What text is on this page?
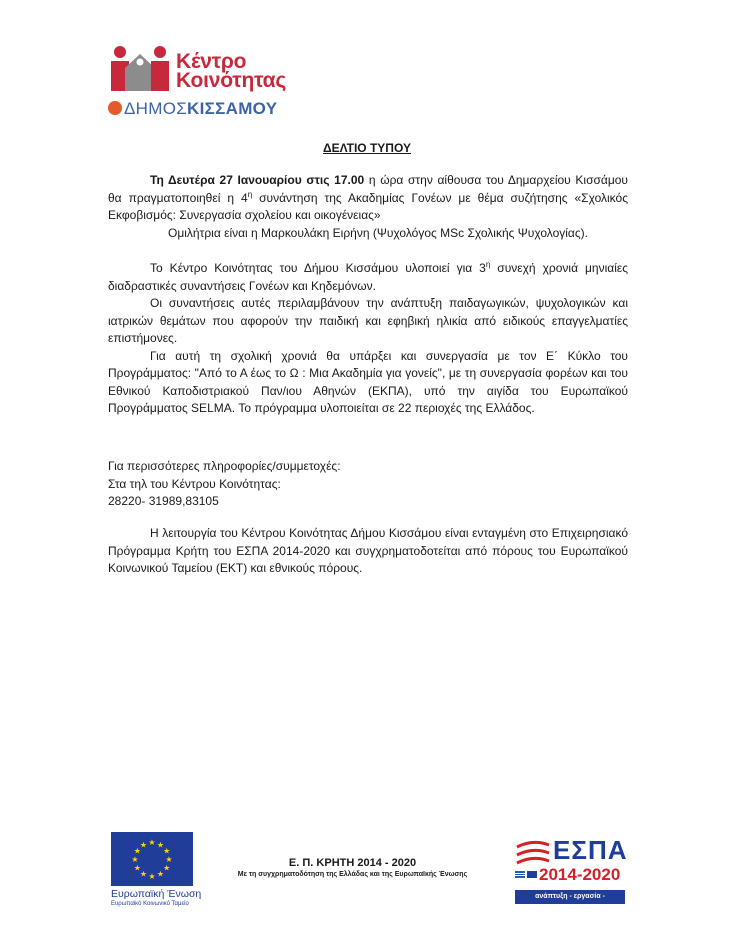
Κέντρο
Κοινότητας
ΔΗΜΟΣΚΙΣΣΑΜΟΥ
ΔΕΛΤΙΟ ΤΥΠΟΥ

Τη Δευτέρα 27 Ιανουαρίου στις 17.00 η ώρα στην αίθουσα του Δημαρχείου Κισσάμου θα πραγματοποιηθεί η $4^\eta$ συνάντηση της Ακαδημίας Γονέων με θέμα συζήτησης «Σχολικός Εκφοβισμός: Συνεργασία σχολείου και οικογένειας»

Ομιλήτρια είναι η Μαρκουλάκη Ειρήνη (Ψυχολόγος MSc Σχολικής Ψυχολογίας).

Το Κέντρο Κοινότητας του Δήμου Κισσάμου υλοποιεί για $3^\eta$ συνεχή χρονιά μηνιαίες διαδραστικές συναντήσεις Γονέων και Κηδεμόνων.

Οι συναντήσεις αυτές περιλαμβάνουν την ανάπτυξη παιδαγωγικών, ψυχολογικών και ιατρικών θεμάτων που αφορούν την παιδική και εφηβική ηλικία από ειδικούς επαγγελματίες επιστήμονες.

Για αυτή τη σχολική χρονιά θα υπάρξει και συνεργασία με τον Ε΄ Κύκλο του Προγράμματος: "Από το Α έως το Ω : Μια Ακαδημία για γονείς", με τη συνεργασία φορέων και του Εθνικού Καποδιστριακού Παν/ιου Αθηνών (ΕΚΠΑ), υπό την αιγίδα του Ευρωπαϊκού Προγράμματος SELMA. Το πρόγραμμα υλοποιείται σε 22 περιοχές της Ελλάδος.

Για περισσότερες πληροφορίες/συμμετοχές:

Στα τηλ του Κέντρου Κοινότητας:

28220- 31989,83105

Η λειτουργία του Κέντρου Κοινότητας Δήμου Κισσάμου είναι ενταγμένη στο Επιχειρησιακό Πρόγραμμα Κρήτη του ΕΣΠΑ 2014-2020 και συγχρηματοδοτείται από πόρους του Ευρωπαϊκού Κοινωνικού Ταμείου (ΕΚΤ) και εθνικούς πόρους.

★ ★
★
★
★
★
★
★
★
★
★
★
Ευρωπαϊκή Ένωση
Ευρωπαϊκό Κοινωνικό Ταμείο
Ε. Π. ΚΡΗΤΗ 2014 - 2020
Με τη συγχρηματοδότηση της Ελλάδας και της Ευρωπαϊκής Ένωσης
ΕΣΠΑ
2014-2020
ανάπτυξη - εργασία - αλληλεγγύη
